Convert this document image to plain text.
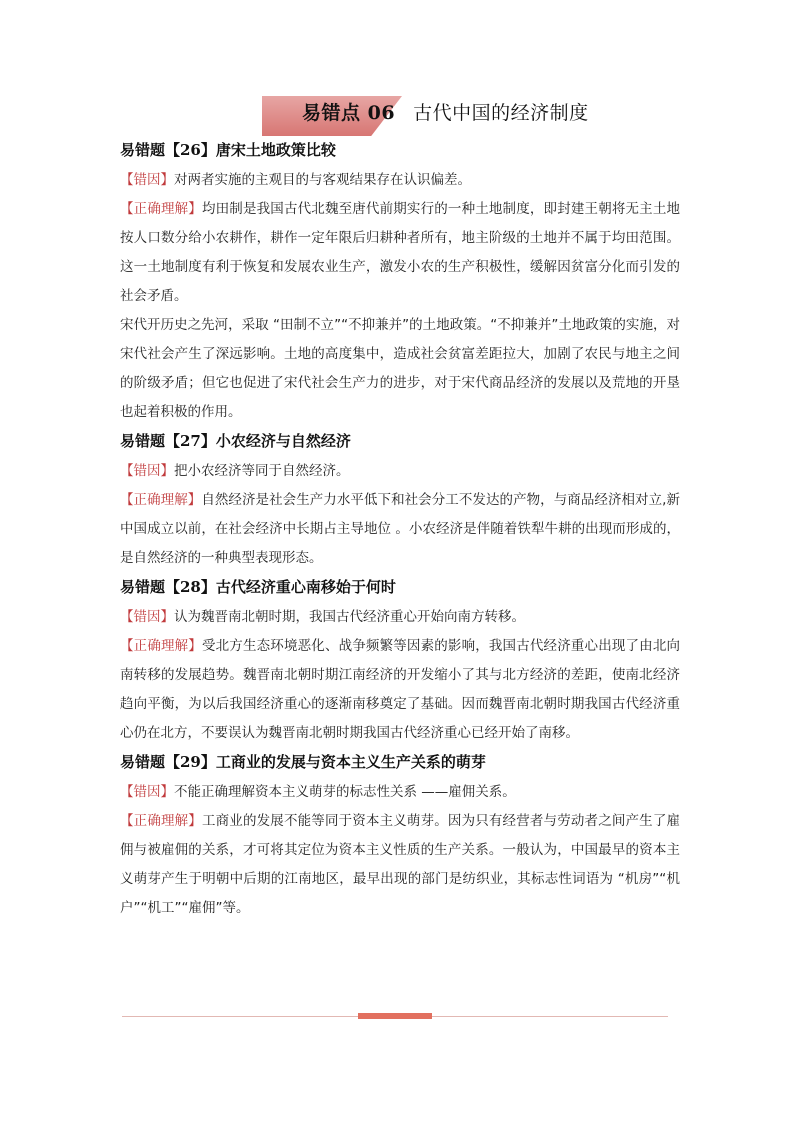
易错点 06 古代中国的经济制度
易错题【26】唐宋土地政策比较

【错因】对两者实施的主观目的与客观结果存在认识偏差。

【正确理解】均田制是我国古代北魏至唐代前期实行的一种土地制度，即封建王朝将无主土地按人口数分给小农耕作，耕作一定年限后归耕种者所有，地主阶级的土地并不属于均田范围。这一土地制度有利于恢复和发展农业生产，激发小农的生产积极性，缓解因贫富分化而引发的社会矛盾。

宋代开历史之先河，采取 “田制不立”“不抑兼并”的土地政策。“不抑兼并”土地政策的实施，对宋代社会产生了深远影响。土地的高度集中，造成社会贫富差距拉大，加剧了农民与地主之间的阶级矛盾；但它也促进了宋代社会生产力的进步，对于宋代商品经济的发展以及荒地的开垦也起着积极的作用。

易错题【27】小农经济与自然经济

【错因】把小农经济等同于自然经济。

【正确理解】自然经济是社会生产力水平低下和社会分工不发达的产物，与商品经济相对立,新中国成立以前，在社会经济中长期占主导地位 。小农经济是伴随着铁犁牛耕的出现而形成的，是自然经济的一种典型表现形态。

易错题【28】古代经济重心南移始于何时

【错因】认为魏晋南北朝时期，我国古代经济重心开始向南方转移。

【正确理解】受北方生态环境恶化、战争频繁等因素的影响，我国古代经济重心出现了由北向南转移的发展趋势。魏晋南北朝时期江南经济的开发缩小了其与北方经济的差距，使南北经济趋向平衡，为以后我国经济重心的逐渐南移奠定了基础。因而魏晋南北朝时期我国古代经济重心仍在北方，不要误认为魏晋南北朝时期我国古代经济重心已经开始了南移。

易错题【29】工商业的发展与资本主义生产关系的萌芽

【错因】不能正确理解资本主义萌芽的标志性关系 ——雇佣关系。

【正确理解】工商业的发展不能等同于资本主义萌芽。因为只有经营者与劳动者之间产生了雇佣与被雇佣的关系，才可将其定位为资本主义性质的生产关系。一般认为，中国最早的资本主义萌芽产生于明朝中后期的江南地区，最早出现的部门是纺织业，其标志性词语为 “机房”“机户”“机工”“雇佣”等。
